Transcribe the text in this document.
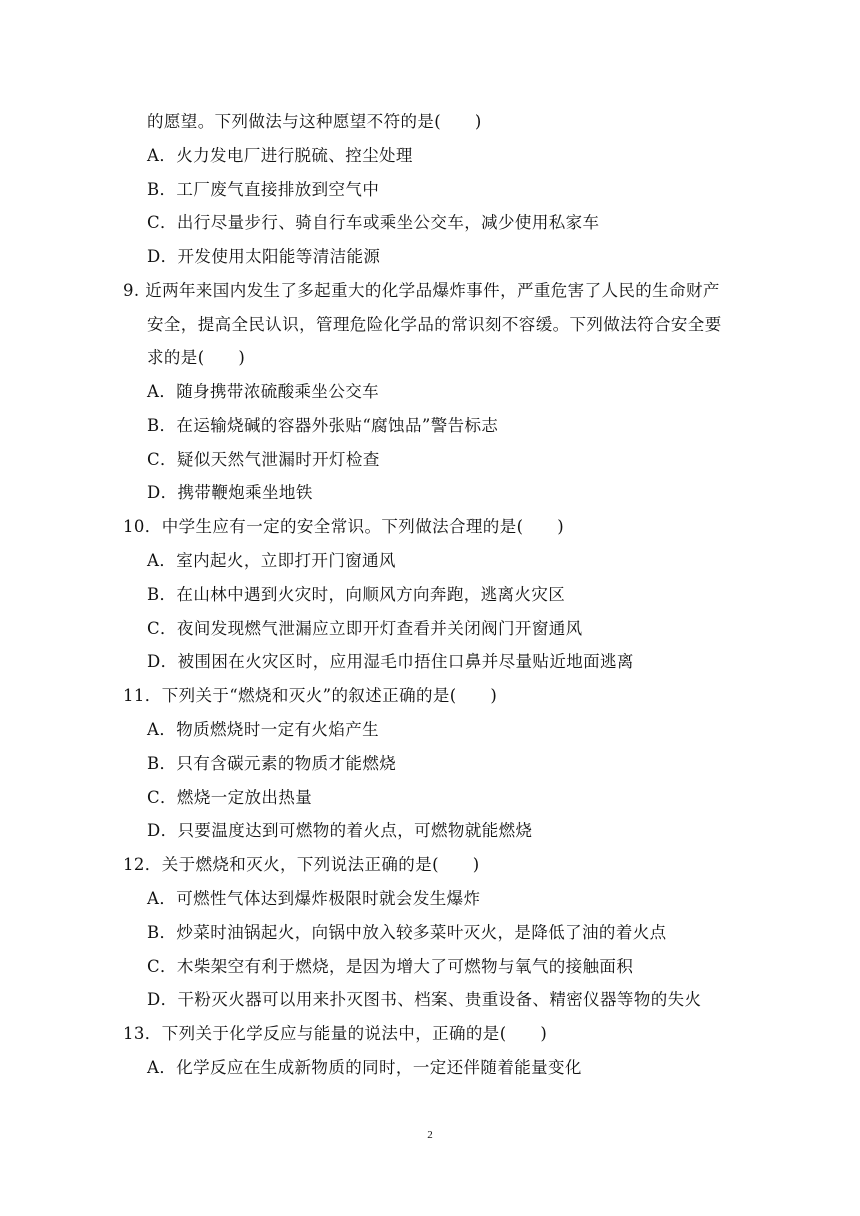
的愿望。下列做法与这种愿望不符的是(　　)
A．火力发电厂进行脱硫、控尘处理
B．工厂废气直接排放到空气中
C．出行尽量步行、骑自行车或乘坐公交车，减少使用私家车
D．开发使用太阳能等清洁能源
9. 近两年来国内发生了多起重大的化学品爆炸事件，严重危害了人民的生命财产
安全，提高全民认识，管理危险化学品的常识刻不容缓。下列做法符合安全要
求的是(　　)
A．随身携带浓硫酸乘坐公交车
B．在运输烧碱的容器外张贴“腐蚀品”警告标志
C．疑似天然气泄漏时开灯检查
D．携带鞭炮乘坐地铁
10．中学生应有一定的安全常识。下列做法合理的是(　　)
A．室内起火，立即打开门窗通风
B．在山林中遇到火灾时，向顺风方向奔跑，逃离火灾区
C．夜间发现燃气泄漏应立即开灯查看并关闭阀门开窗通风
D．被围困在火灾区时，应用湿毛巾捂住口鼻并尽量贴近地面逃离
11．下列关于“燃烧和灭火”的叙述正确的是(　　)
A．物质燃烧时一定有火焰产生
B．只有含碳元素的物质才能燃烧
C．燃烧一定放出热量
D．只要温度达到可燃物的着火点，可燃物就能燃烧
12．关于燃烧和灭火，下列说法正确的是(　　)
A．可燃性气体达到爆炸极限时就会发生爆炸
B．炒菜时油锅起火，向锅中放入较多菜叶灭火，是降低了油的着火点
C．木柴架空有利于燃烧，是因为增大了可燃物与氧气的接触面积
D．干粉灭火器可以用来扑灭图书、档案、贵重设备、精密仪器等物的失火
13．下列关于化学反应与能量的说法中，正确的是(　　)
A．化学反应在生成新物质的同时，一定还伴随着能量变化
2
